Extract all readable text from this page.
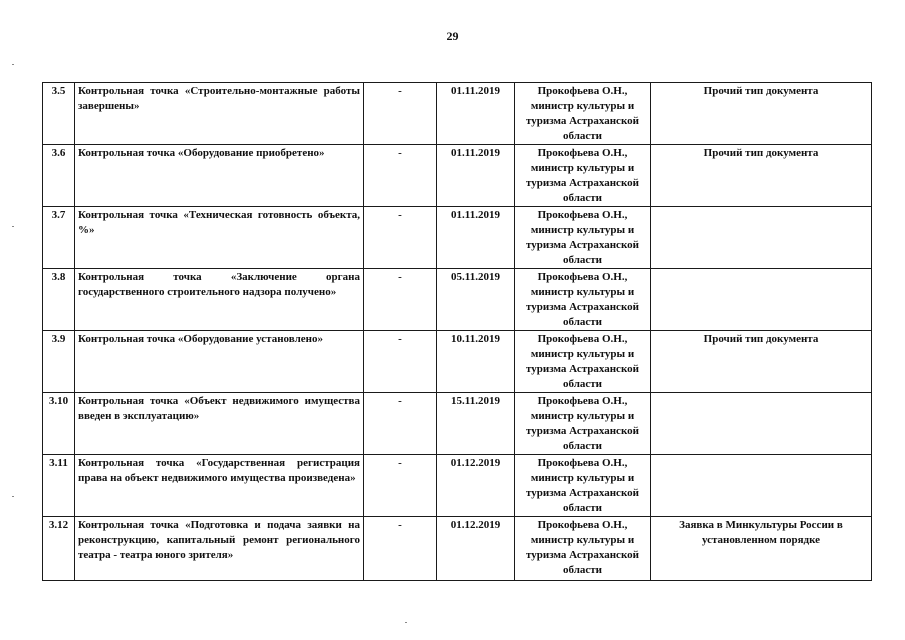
29
3.5	Контрольная точка «Строительно-монтажные работы завершены»	-	01.11.2019	Прокофьева О.Н., министр культуры и туризма Астраханской области	Прочий тип документа
3.6	Контрольная точка «Оборудование приобретено»	-	01.11.2019	Прокофьева О.Н., министр культуры и туризма Астраханской области	Прочий тип документа
3.7	Контрольная точка «Техническая готовность объекта, %»	-	01.11.2019	Прокофьева О.Н., министр культуры и туризма Астраханской области	
3.8	Контрольная точка «Заключение органа государственного строительного надзора получено»	-	05.11.2019	Прокофьева О.Н., министр культуры и туризма Астраханской области	
3.9	Контрольная точка «Оборудование установлено»	-	10.11.2019	Прокофьева О.Н., министр культуры и туризма Астраханской области	Прочий тип документа
3.10	Контрольная точка «Объект недвижимого имущества введен в эксплуатацию»	-	15.11.2019	Прокофьева О.Н., министр культуры и туризма Астраханской области	
3.11	Контрольная точка «Государственная регистрация права на объект недвижимого имущества произведена»	-	01.12.2019	Прокофьева О.Н., министр культуры и туризма Астраханской области	
3.12	Контрольная точка «Подготовка и подача заявки на реконструкцию, капитальный ремонт регионального театра - театра юного зрителя»	-	01.12.2019	Прокофьева О.Н., министр культуры и туризма Астраханской области	Заявка в Минкультуры России в установленном порядке
